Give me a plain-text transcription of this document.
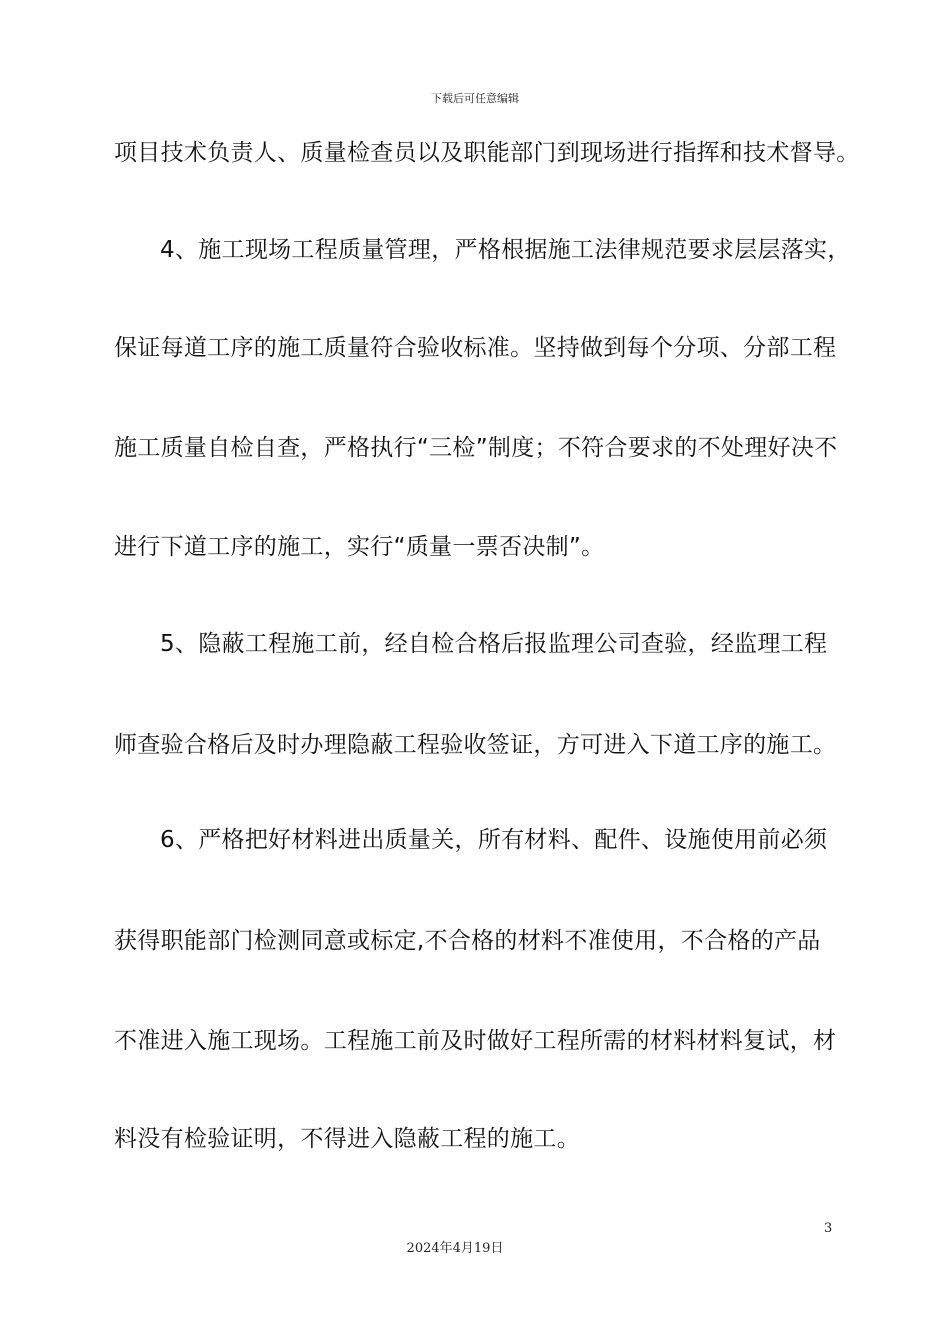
下载后可任意编辑
项目技术负责人、质量检查员以及职能部门到现场进行指挥和技术督导。
4、施工现场工程质量管理，严格根据施工法律规范要求层层落实，
保证每道工序的施工质量符合验收标准。坚持做到每个分项、分部工程
施工质量自检自查，严格执行“三检”制度；不符合要求的不处理好决不
进行下道工序的施工，实行“质量一票否决制”。
5、隐蔽工程施工前，经自检合格后报监理公司查验，经监理工程
师查验合格后及时办理隐蔽工程验收签证，方可进入下道工序的施工。
6、严格把好材料进出质量关，所有材料、配件、设施使用前必须
获得职能部门检测同意或标定,不合格的材料不准使用，不合格的产品
不准进入施工现场。工程施工前及时做好工程所需的材料材料复试，材
料没有检验证明，不得进入隐蔽工程的施工。
3
2024年4月19日
